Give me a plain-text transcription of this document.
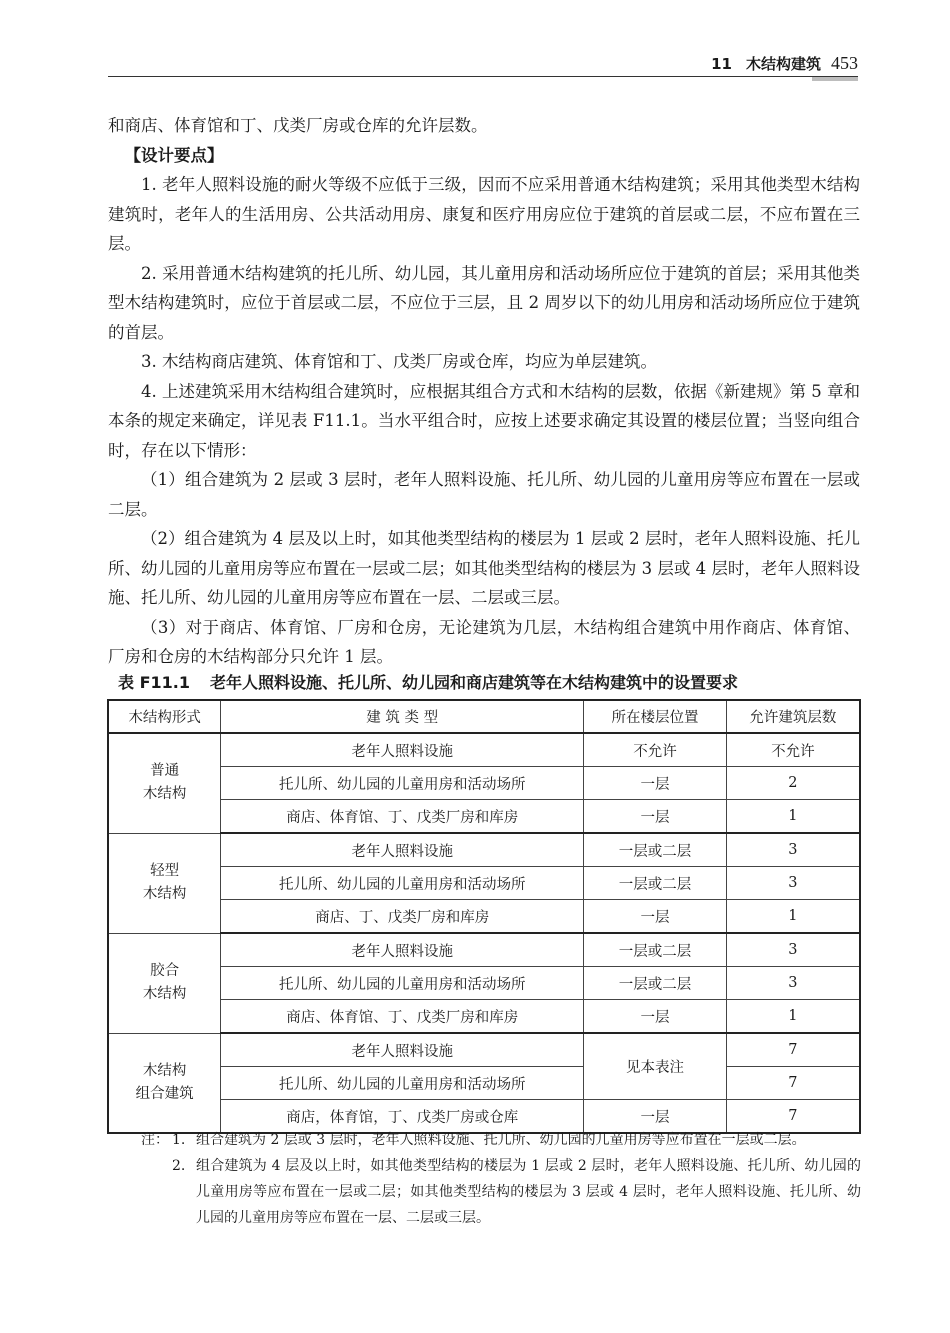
11 木结构建筑 453

和商店、体育馆和丁、戊类厂房或仓库的允许层数。

【设计要点】

1. 老年人照料设施的耐火等级不应低于三级，因而不应采用普通木结构建筑；采用其他类型木结构建筑时，老年人的生活用房、公共活动用房、康复和医疗用房应位于建筑的首层或二层，不应布置在三层。

2. 采用普通木结构建筑的托儿所、幼儿园，其儿童用房和活动场所应位于建筑的首层；采用其他类型木结构建筑时，应位于首层或二层，不应位于三层，且 2 周岁以下的幼儿用房和活动场所应位于建筑的首层。

3. 木结构商店建筑、体育馆和丁、戊类厂房或仓库，均应为单层建筑。

4. 上述建筑采用木结构组合建筑时，应根据其组合方式和木结构的层数，依据《新建规》第 5 章和本条的规定来确定，详见表 F11.1。当水平组合时，应按上述要求确定其设置的楼层位置；当竖向组合时，存在以下情形：

（1）组合建筑为 2 层或 3 层时，老年人照料设施、托儿所、幼儿园的儿童用房等应布置在一层或二层。

（2）组合建筑为 4 层及以上时，如其他类型结构的楼层为 1 层或 2 层时，老年人照料设施、托儿所、幼儿园的儿童用房等应布置在一层或二层；如其他类型结构的楼层为 3 层或 4 层时，老年人照料设施、托儿所、幼儿园的儿童用房等应布置在一层、二层或三层。

（3）对于商店、体育馆、厂房和仓房，无论建筑为几层，木结构组合建筑中用作商店、体育馆、厂房和仓房的木结构部分只允许 1 层。

表 F11.1 老年人照料设施、托儿所、幼儿园和商店建筑等在木结构建筑中的设置要求
木结构形式	建 筑 类 型	所在楼层位置	允许建筑层数
普通
木结构	老年人照料设施	不允许	不允许
	托儿所、幼儿园的儿童用房和活动场所	一层	2
	商店、体育馆、丁、戊类厂房和库房	一层	1
轻型
木结构	老年人照料设施	一层或二层	3
	托儿所、幼儿园的儿童用房和活动场所	一层或二层	3
	商店、丁、戊类厂房和库房	一层	1
胶合
木结构	老年人照料设施	一层或二层	3
	托儿所、幼儿园的儿童用房和活动场所	一层或二层	3
	商店、体育馆、丁、戊类厂房和库房	一层	1
木结构
组合建筑	老年人照料设施	见本表注	7
	托儿所、幼儿园的儿童用房和活动场所		7
	商店，体育馆，丁、戊类厂房或仓库	一层	7
注： 1. 组合建筑为 2 层或 3 层时，老年人照料设施、托儿所、幼儿园的儿童用房等应布置在一层或二层。
2. 组合建筑为 4 层及以上时，如其他类型结构的楼层为 1 层或 2 层时，老年人照料设施、托儿所、幼儿园的儿童用房等应布置在一层或二层；如其他类型结构的楼层为 3 层或 4 层时，老年人照料设施、托儿所、幼儿园的儿童用房等应布置在一层、二层或三层。
